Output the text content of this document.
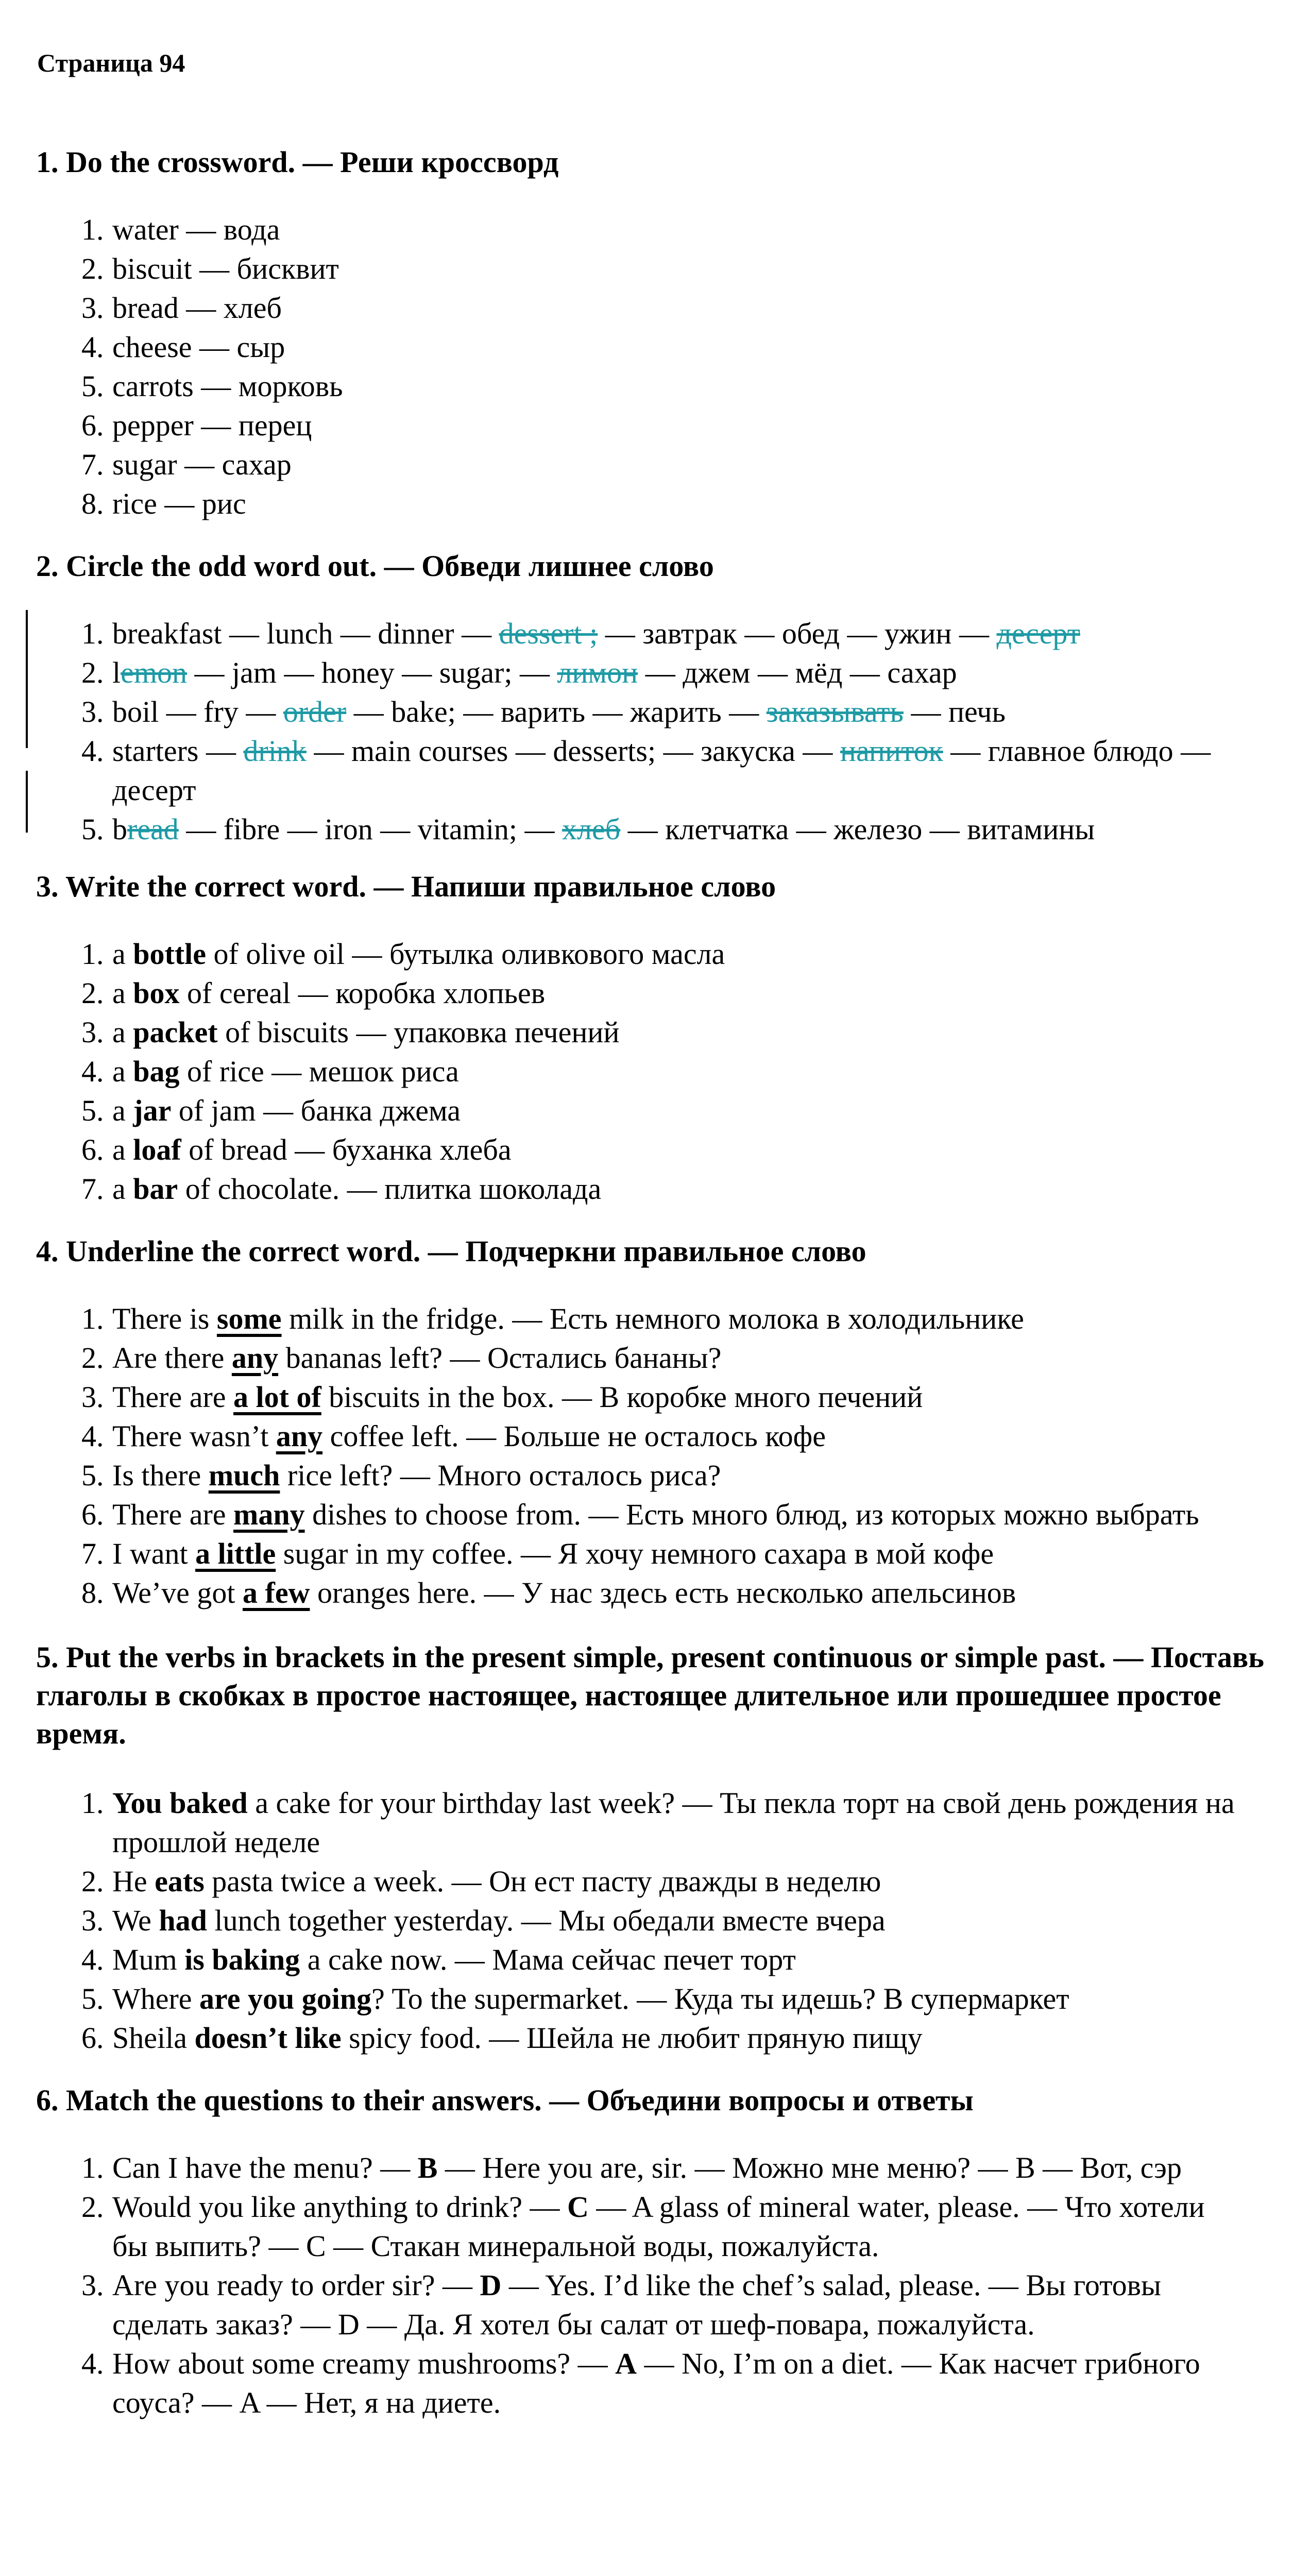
Страница 94
1. Do the crossword. — Реши кроссворд
1. water — вода
2. biscuit — бисквит
3. bread — хлеб
4. cheese — сыр
5. carrots — морковь
6. pepper — перец
7. sugar — сахар
8. rice — рис
2. Circle the odd word out. — Обведи лишнее слово
1. breakfast — lunch — dinner — dessert ; — завтрак — обед — ужин — десерт
2. lemon — jam — honey — sugar; — лимон — джем — мёд — сахар
3. boil — fry — order — bake; — варить — жарить — заказывать — печь
4. starters — drink — main courses — desserts; — закуска — напиток — главное блюдо — десерт
5. bread — fibre — iron — vitamin; — хлеб — клетчатка — железо — витамины
3. Write the correct word. — Напиши правильное слово
1. a bottle of olive oil — бутылка оливкового масла
2. a box of cereal — коробка хлопьев
3. a packet of biscuits — упаковка печений
4. a bag of rice — мешок риса
5. a jar of jam — банка джема
6. a loaf of bread — буханка хлеба
7. a bar of chocolate. — плитка шоколада
4. Underline the correct word. — Подчеркни правильное слово
1. There is some milk in the fridge. — Есть немного молока в холодильнике
2. Are there any bananas left? — Остались бананы?
3. There are a lot of biscuits in the box. — В коробке много печений
4. There wasn’t any coffee left. — Больше не осталось кофе
5. Is there much rice left? — Много осталось риса?
6. There are many dishes to choose from. — Есть много блюд, из которых можно выбрать
7. I want a little sugar in my coffee. — Я хочу немного сахара в мой кофе
8. We’ve got a few oranges here. — У нас здесь есть несколько апельсинов
5. Put the verbs in brackets in the present simple, present continuous or simple past. — Поставь глаголы в скобках в простое настоящее, настоящее длительное или прошедшее простое время.
1. You baked a cake for your birthday last week? — Ты пекла торт на свой день рождения на прошлой неделе
2. He eats pasta twice a week. — Он ест пасту дважды в неделю
3. We had lunch together yesterday. — Мы обедали вместе вчера
4. Mum is baking a cake now. — Мама сейчас печет торт
5. Where are you going? To the supermarket. — Куда ты идешь? В супермаркет
6. Sheila doesn’t like spicy food. — Шейла не любит пряную пищу
6. Match the questions to their answers. — Объедини вопросы и ответы
1. Can I have the menu? — B — Here you are, sir. — Можно мне меню? — B — Вот, сэр
2. Would you like anything to drink? — C — A glass of mineral water, please. — Что хотели бы выпить? — C — Стакан минеральной воды, пожалуйста.
3. Are you ready to order sir? — D — Yes. I’d like the chef’s salad, please. — Вы готовы сделать заказ? — D — Да. Я хотел бы салат от шеф-повара, пожалуйста.
4. How about some creamy mushrooms? — A — No, I’m on a diet. — Как насчет грибного соуса? — A — Нет, я на диете.
